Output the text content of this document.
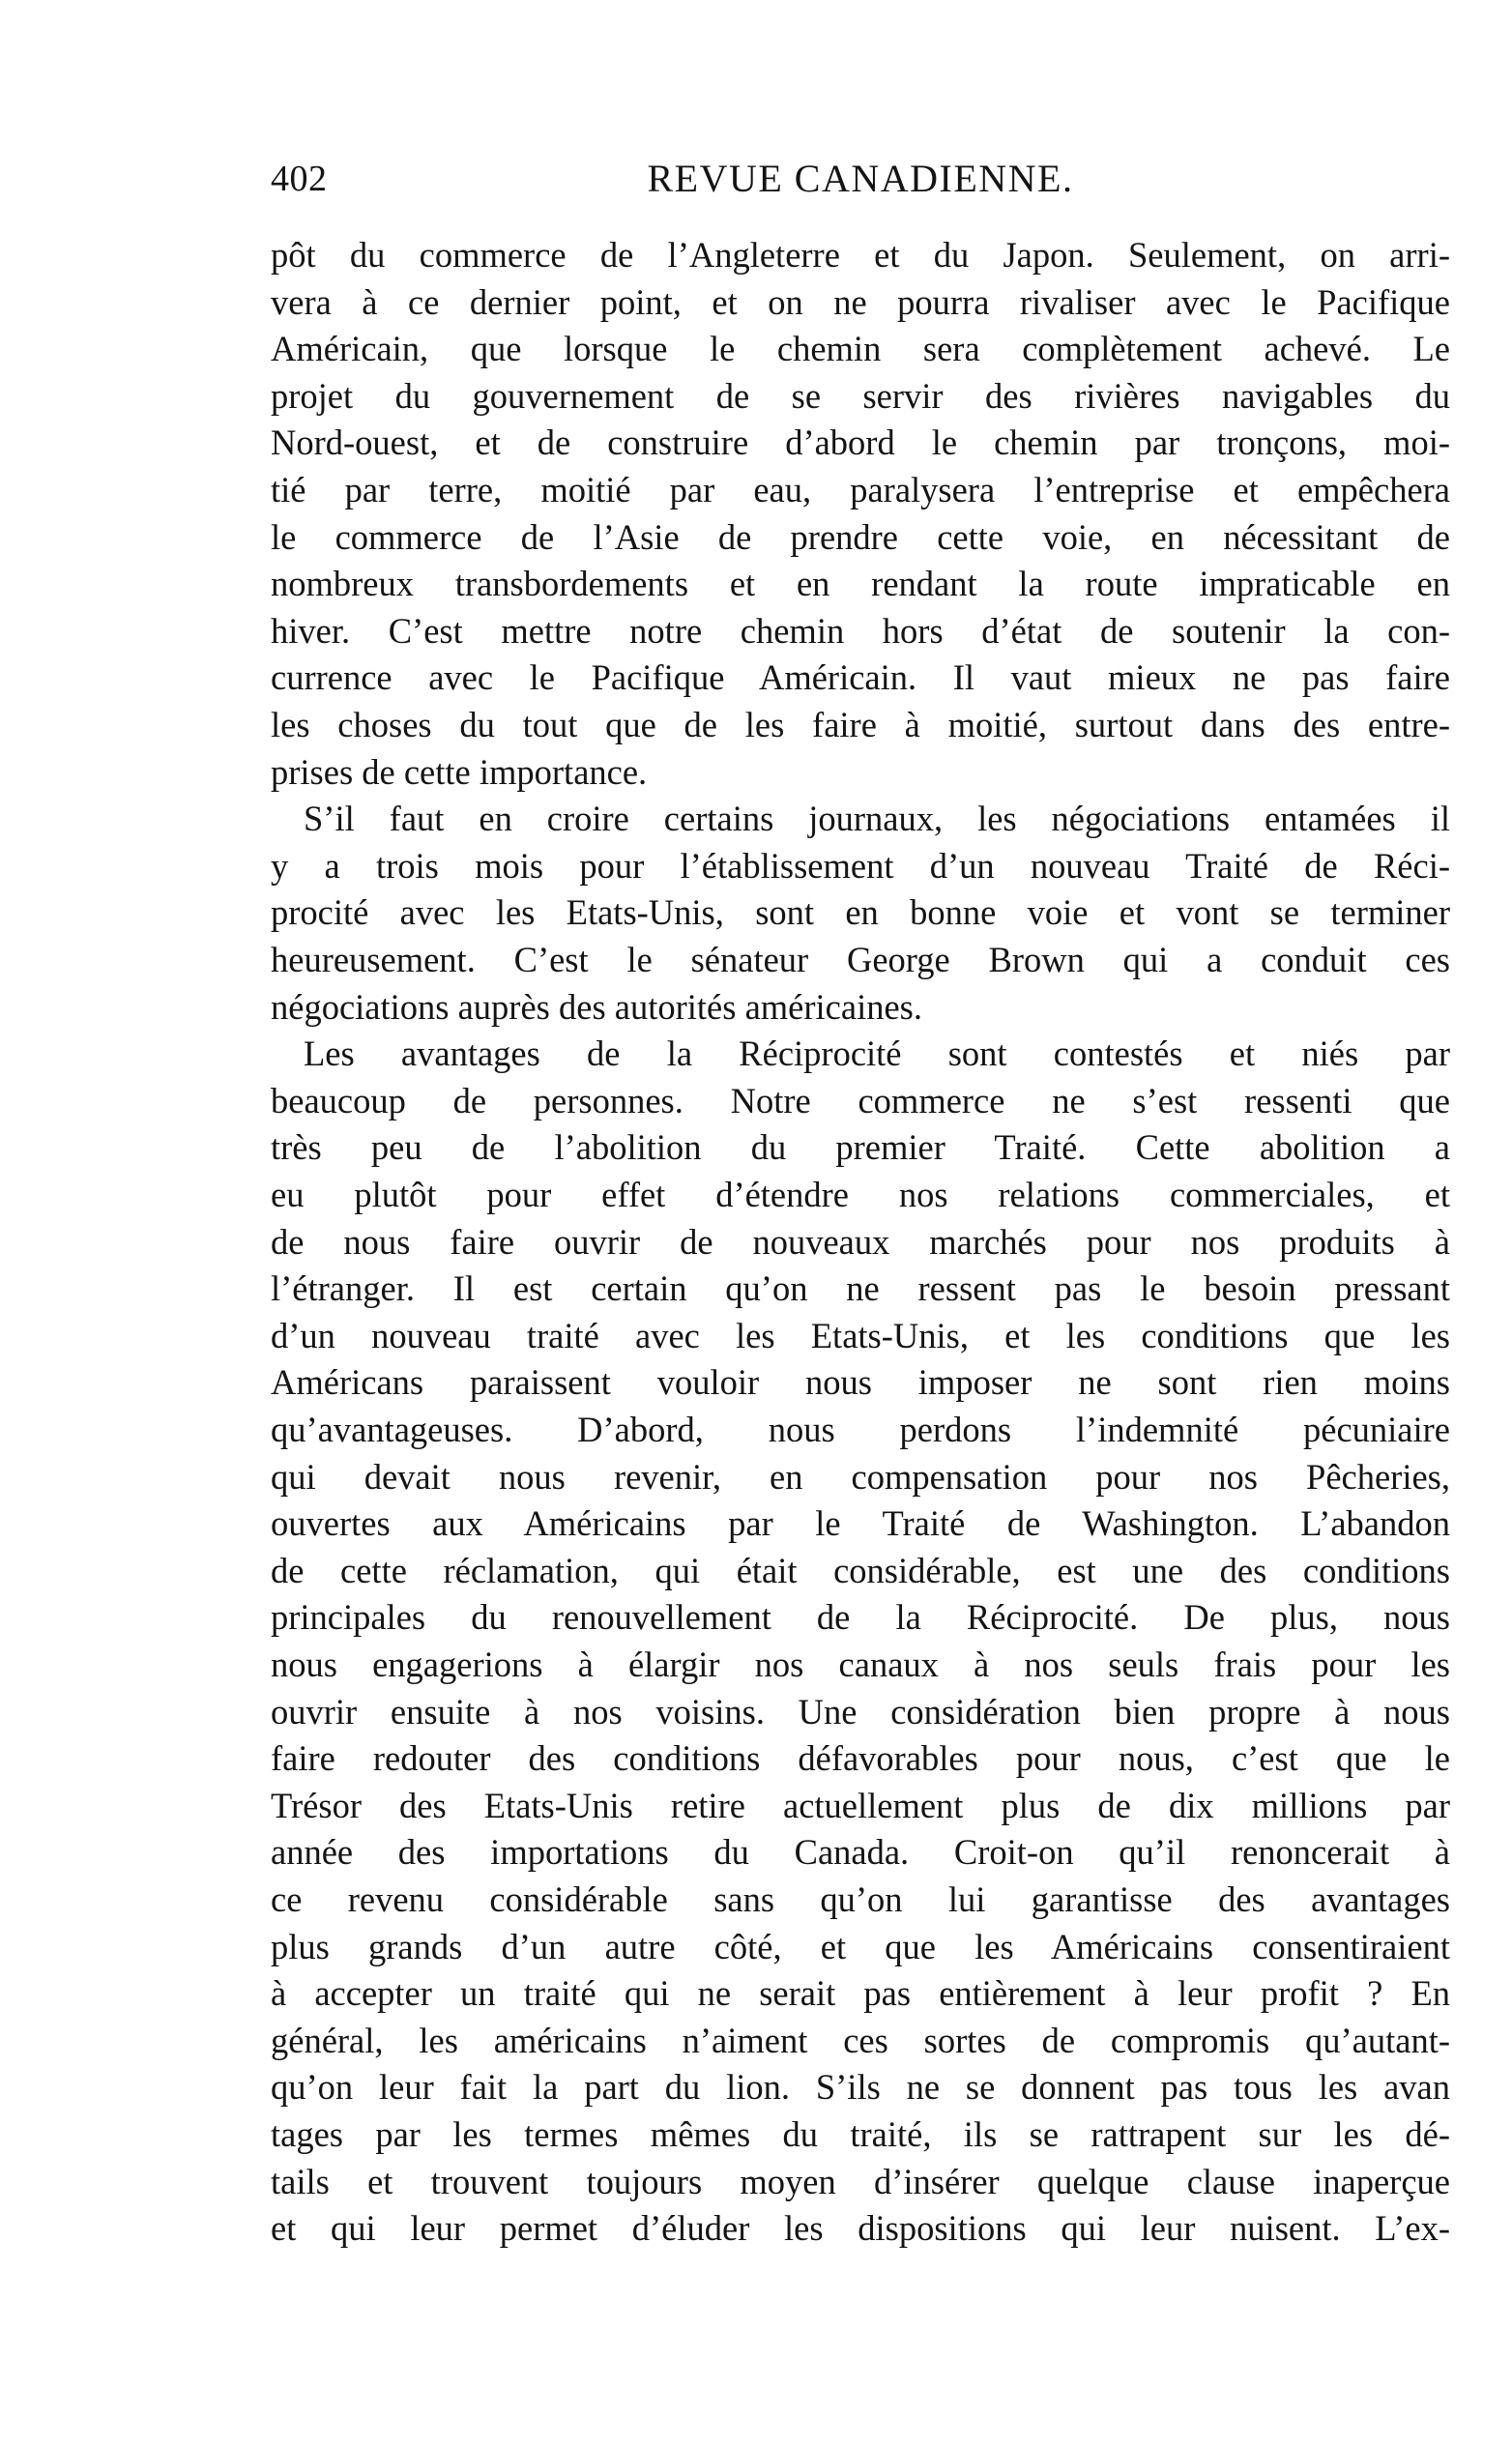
402	REVUE CANADIENNE.
pôt du commerce de l’Angleterre et du Japon. Seulement, on arri-
vera à ce dernier point, et on ne pourra rivaliser avec le Pacifique
Américain, que lorsque le chemin sera complètement achevé. Le
projet du gouvernement de se servir des rivières navigables du
Nord-ouest, et de construire d’abord le chemin par tronçons, moi-
tié par terre, moitié par eau, paralysera l’entreprise et empêchera
le commerce de l’Asie de prendre cette voie, en nécessitant de
nombreux transbordements et en rendant la route impraticable en
hiver. C’est mettre notre chemin hors d’état de soutenir la con-
currence avec le Pacifique Américain. Il vaut mieux ne pas faire
les choses du tout que de les faire à moitié, surtout dans des entre-
prises de cette importance.
S’il faut en croire certains journaux, les négociations entamées il
y a trois mois pour l’établissement d’un nouveau Traité de Réci-
procité avec les Etats-Unis, sont en bonne voie et vont se terminer
heureusement. C’est le sénateur George Brown qui a conduit ces
négociations auprès des autorités américaines.
Les avantages de la Réciprocité sont contestés et niés par
beaucoup de personnes. Notre commerce ne s’est ressenti que
très peu de l’abolition du premier Traité. Cette abolition a
eu plutôt pour effet d’étendre nos relations commerciales, et
de nous faire ouvrir de nouveaux marchés pour nos produits à
l’étranger. Il est certain qu’on ne ressent pas le besoin pressant
d’un nouveau traité avec les Etats-Unis, et les conditions que les
Américans paraissent vouloir nous imposer ne sont rien moins
qu’avantageuses. D’abord, nous perdons l’indemnité pécuniaire
qui devait nous revenir, en compensation pour nos Pêcheries,
ouvertes aux Américains par le Traité de Washington. L’abandon
de cette réclamation, qui était considérable, est une des conditions
principales du renouvellement de la Réciprocité. De plus, nous
nous engagerions à élargir nos canaux à nos seuls frais pour les
ouvrir ensuite à nos voisins. Une considération bien propre à nous
faire redouter des conditions défavorables pour nous, c’est que le
Trésor des Etats-Unis retire actuellement plus de dix millions par
année des importations du Canada. Croit-on qu’il renoncerait à
ce revenu considérable sans qu’on lui garantisse des avantages
plus grands d’un autre côté, et que les Américains consentiraient
à accepter un traité qui ne serait pas entièrement à leur profit ? En
général, les américains n’aiment ces sortes de compromis qu’autant-
qu’on leur fait la part du lion. S’ils ne se donnent pas tous les avan
tages par les termes mêmes du traité, ils se rattrapent sur les dé-
tails et trouvent toujours moyen d’insérer quelque clause inaperçue
et qui leur permet d’éluder les dispositions qui leur nuisent. L’ex-
